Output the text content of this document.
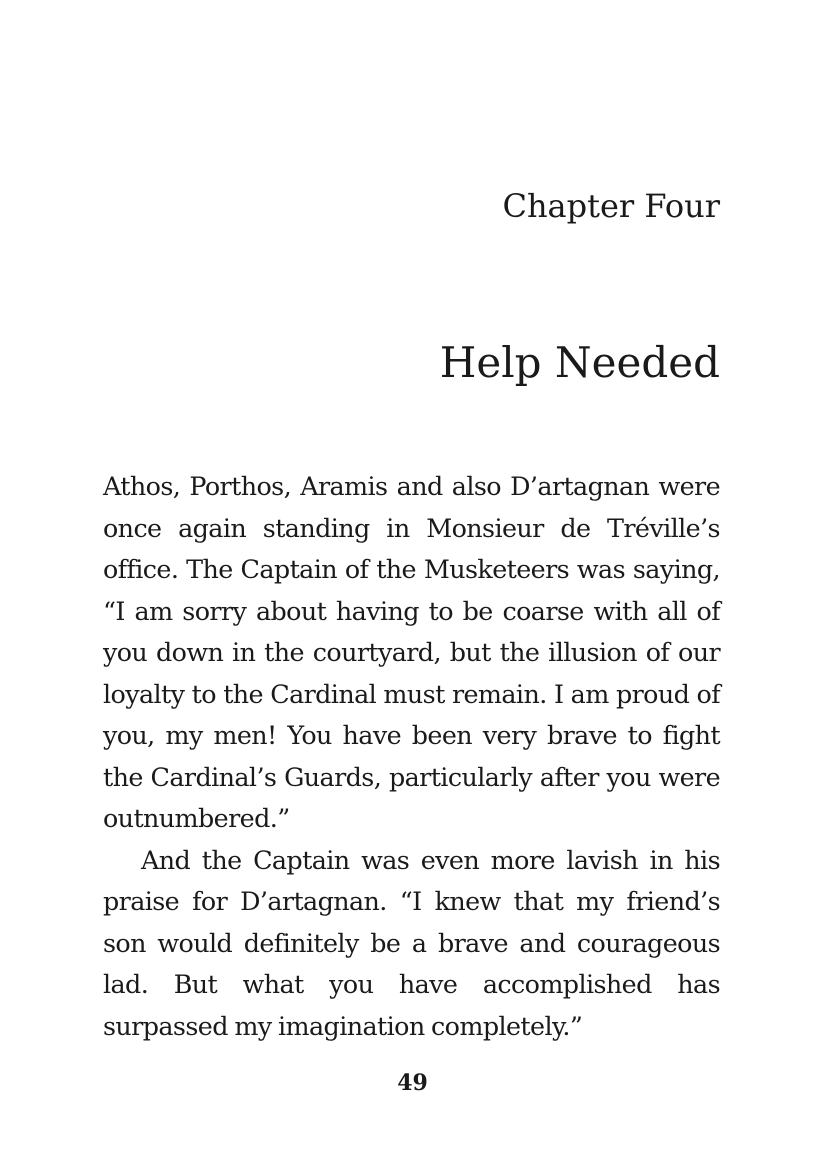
Chapter Four
Help Needed

Athos, Porthos, Aramis and also D’artagnan were once again standing in Monsieur de Tréville’s office. The Captain of the Musketeers was saying, “I am sorry about having to be coarse with all of you down in the courtyard, but the illusion of our loyalty to the Cardinal must remain. I am proud of you, my men! You have been very brave to fight the Cardinal’s Guards, particularly after you were outnumbered.”

And the Captain was even more lavish in his praise for D’artagnan. “I knew that my friend’s son would definitely be a brave and courageous lad. But what you have accomplished has surpassed my imagination completely.”

49
